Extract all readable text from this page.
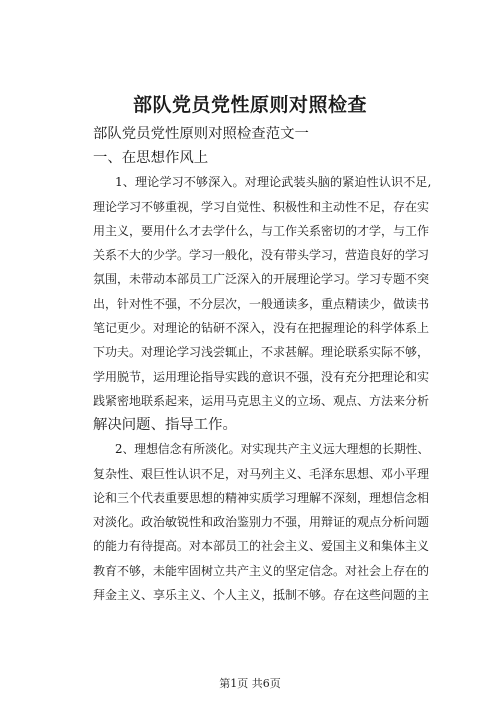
部队党员党性原则对照检查
部队党员党性原则对照检查范文一
一、在思想作风上
1、理论学习不够深入。对理论武装头脑的紧迫性认识不足,
理论学习不够重视，学习自觉性、积极性和主动性不足，存在实
用主义，要用什么才去学什么，与工作关系密切的才学，与工作
关系不大的少学。学习一般化，没有带头学习，营造良好的学习
氛围，未带动本部员工广泛深入的开展理论学习。学习专题不突
出，针对性不强，不分层次，一般通读多，重点精读少，做读书
笔记更少。对理论的钻研不深入，没有在把握理论的科学体系上
下功夫。对理论学习浅尝辄止，不求甚解。理论联系实际不够，
学用脱节，运用理论指导实践的意识不强，没有充分把理论和实
践紧密地联系起来，运用马克思主义的立场、观点、方法来分析
解决问题、指导工作。
2、理想信念有所淡化。对实现共产主义远大理想的长期性、
复杂性、艰巨性认识不足，对马列主义、毛泽东思想、邓小平理
论和三个代表重要思想的精神实质学习理解不深刻，理想信念相
对淡化。政治敏锐性和政治鉴别力不强，用辩证的观点分析问题
的能力有待提高。对本部员工的社会主义、爱国主义和集体主义
教育不够，未能牢固树立共产主义的坚定信念。对社会上存在的
拜金主义、享乐主义、个人主义，抵制不够。存在这些问题的主
第1页 共6页
